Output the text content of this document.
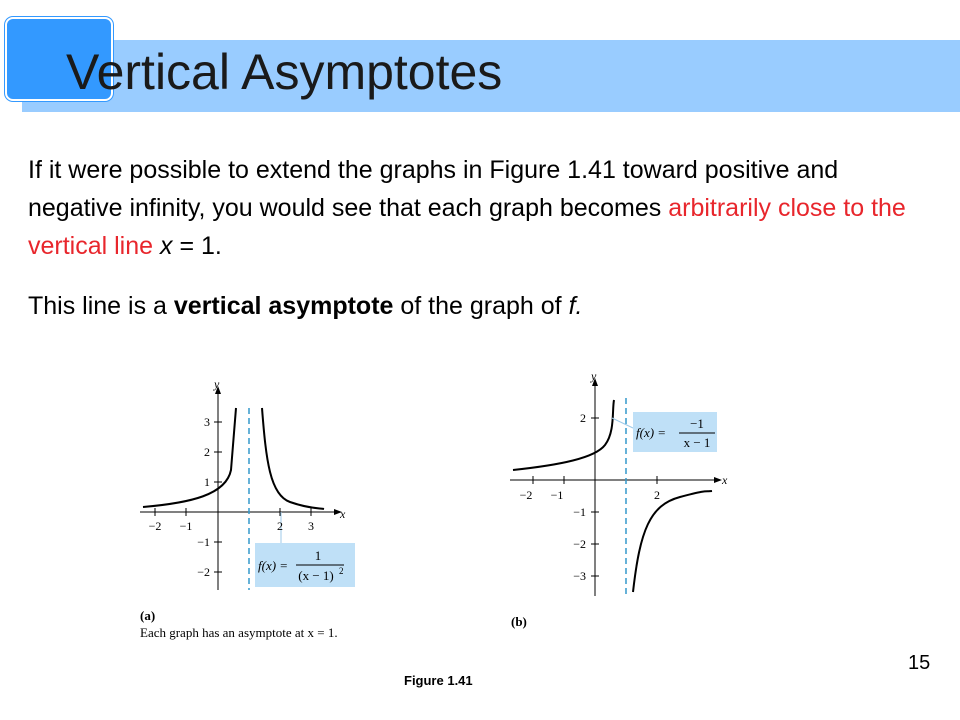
Vertical Asymptotes

If it were possible to extend the graphs in Figure 1.41 toward positive and negative infinity, you would see that each graph becomes arbitrarily close to the vertical line x = 1.

This line is a vertical asymptote of the graph of f.

f(x) =
1
(x − 1) 2
y
x
−2 −1	2 3
3
2
1
−1
−2
(a)
Each graph has an asymptote at x = 1.
f(x) =
−1
x − 1
y
x
−2 −1	2
2
−1
−2
−3
(b)
Figure 1.41
15
